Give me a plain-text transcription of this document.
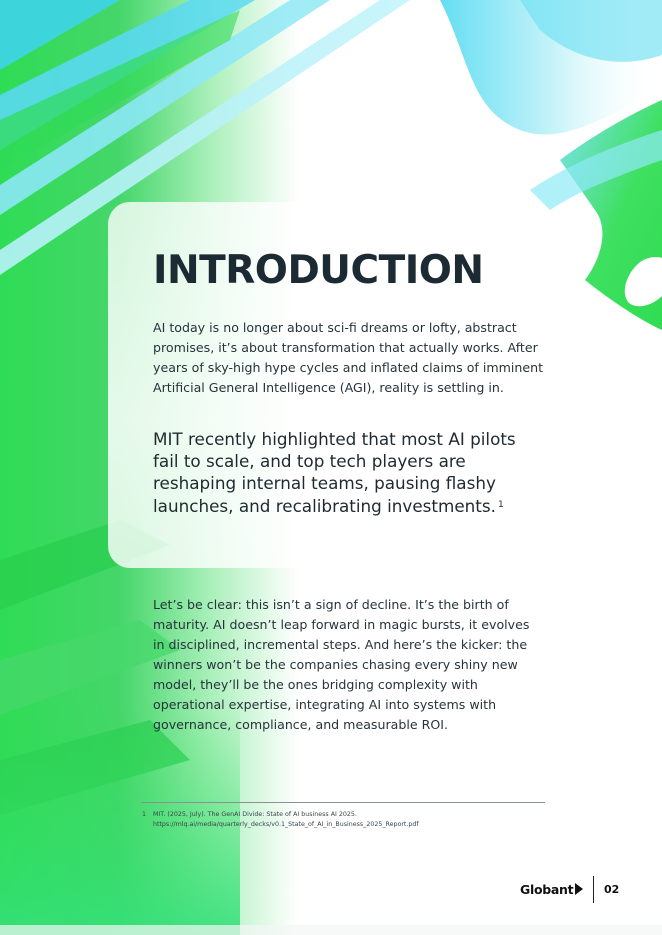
INTRODUCTION

AI today is no longer about sci-fi dreams or lofty, abstract promises, it’s about transformation that actually works. After years of sky-high hype cycles and inflated claims of imminent Artificial General Intelligence (AGI), reality is settling in.

MIT recently highlighted that most AI pilots fail to scale, and top tech players are reshaping internal teams, pausing flashy launches, and recalibrating investments. $^1$

Let’s be clear: this isn’t a sign of decline. It’s the birth of maturity. AI doesn’t leap forward in magic bursts, it evolves in disciplined, incremental steps. And here’s the kicker: the winners won’t be the companies chasing every shiny new model, they’ll be the ones bridging complexity with operational expertise, integrating AI into systems with governance, compliance, and measurable ROI.

1 MIT. (2025, July). The GenAI Divide: State of AI business AI 2025.
https://mlq.ai/media/quarterly_decks/v0.1_State_of_AI_in_Business_2025_Report.pdf
Globant	02
